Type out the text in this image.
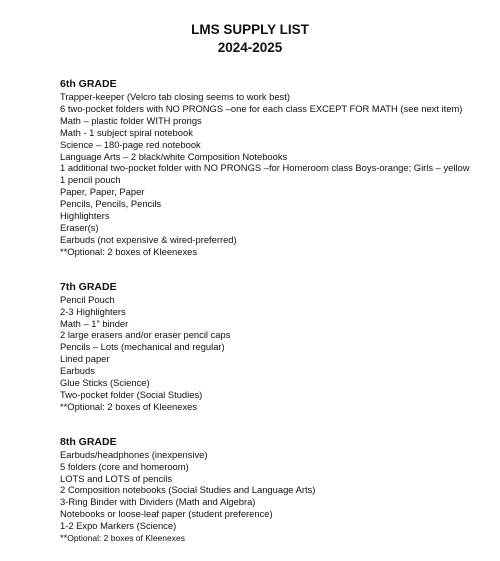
LMS SUPPLY LIST
2024-2025
6th GRADE
Trapper-keeper (Velcro tab closing seems to work best)
6 two-pocket folders with NO PRONGS –one for each class EXCEPT FOR MATH (see next item)
Math – plastic folder WITH prongs
Math - 1 subject spiral notebook
Science – 180-page red notebook
Language Arts – 2 black/white Composition Notebooks
1 additional two-pocket folder with NO PRONGS –for Homeroom class Boys-orange; Girls – yellow
1 pencil pouch
Paper, Paper, Paper
Pencils, Pencils, Pencils
Highlighters
Eraser(s)
Earbuds (not expensive & wired-preferred)
**Optional: 2 boxes of Kleenexes
7th GRADE
Pencil Pouch
2-3 Highlighters
Math – 1” binder
2 large erasers and/or eraser pencil caps
Pencils – Lots (mechanical and regular)
Lined paper
Earbuds
Glue Sticks (Science)
Two-pocket folder (Social Studies)
**Optional: 2 boxes of Kleenexes
8th GRADE
Earbuds/headphones (inexpensive)
5 folders (core and homeroom)
LOTS and LOTS of pencils
2 Composition notebooks (Social Studies and Language Arts)
3-Ring Binder with Dividers (Math and Algebra)
Notebooks or loose-leaf paper (student preference)
1-2 Expo Markers (Science)
**Optional: 2 boxes of Kleenexes
